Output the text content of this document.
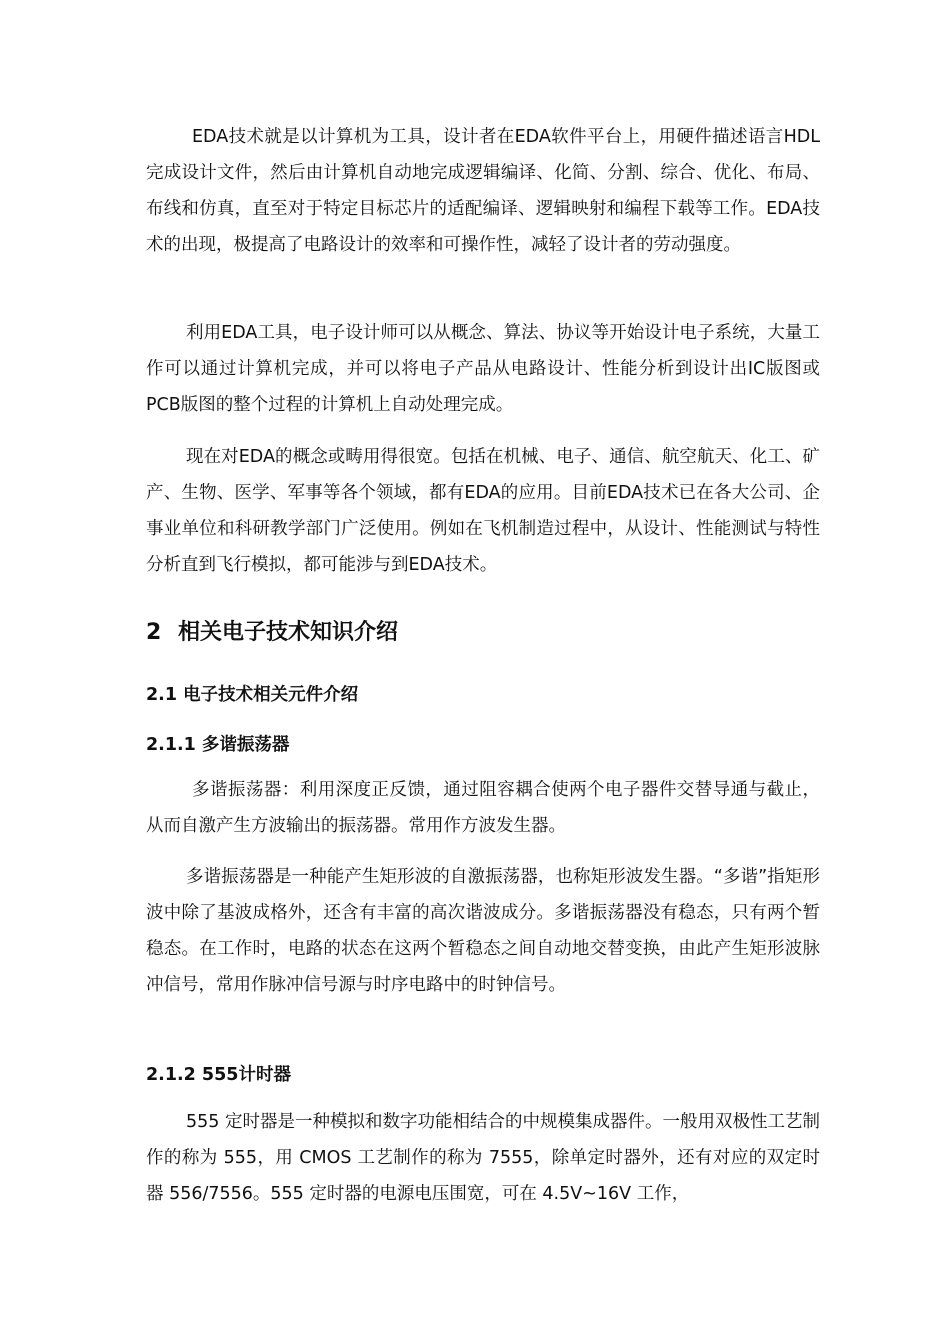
EDA技术就是以计算机为工具，设计者在EDA软件平台上，用硬件描述语言HDL完成设计文件，然后由计算机自动地完成逻辑编译、化简、分割、综合、优化、布局、布线和仿真，直至对于特定目标芯片的适配编译、逻辑映射和编程下载等工作。EDA技术的出现，极提高了电路设计的效率和可操作性，减轻了设计者的劳动强度。

利用EDA工具，电子设计师可以从概念、算法、协议等开始设计电子系统，大量工作可以通过计算机完成，并可以将电子产品从电路设计、性能分析到设计出IC版图或PCB版图的整个过程的计算机上自动处理完成。

现在对EDA的概念或畴用得很宽。包括在机械、电子、通信、航空航天、化工、矿产、生物、医学、军事等各个领域，都有EDA的应用。目前EDA技术已在各大公司、企事业单位和科研教学部门广泛使用。例如在飞机制造过程中，从设计、性能测试与特性分析直到飞行模拟，都可能涉与到EDA技术。

2 相关电子技术知识介绍
2.1 电子技术相关元件介绍
2.1.1 多谐振荡器

多谐振荡器：利用深度正反馈，通过阻容耦合使两个电子器件交替导通与截止，从而自激产生方波输出的振荡器。常用作方波发生器。

多谐振荡器是一种能产生矩形波的自激振荡器，也称矩形波发生器。“多谐”指矩形波中除了基波成格外，还含有丰富的高次谐波成分。多谐振荡器没有稳态，只有两个暂稳态。在工作时，电路的状态在这两个暂稳态之间自动地交替变换，由此产生矩形波脉冲信号，常用作脉冲信号源与时序电路中的时钟信号。

2.1.2 555计时器

555 定时器是一种模拟和数字功能相结合的中规模集成器件。一般用双极性工艺制作的称为 555，用 CMOS 工艺制作的称为 7555，除单定时器外，还有对应的双定时器 556/7556。555 定时器的电源电压围宽，可在 4.5V~16V 工作，
